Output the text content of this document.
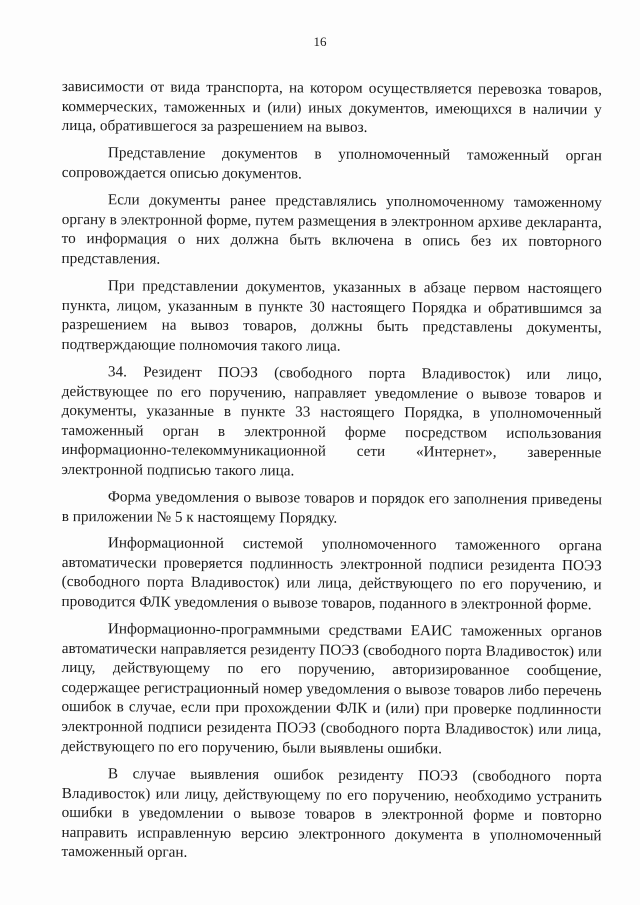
16

зависимости от вида транспорта, на котором осуществляется перевозка товаров, коммерческих, таможенных и (или) иных документов, имеющихся в наличии у лица, обратившегося за разрешением на вывоз.

Представление документов в уполномоченный таможенный орган сопровождается описью документов.

Если документы ранее представлялись уполномоченному таможенному органу в электронной форме, путем размещения в электронном архиве декларанта, то информация о них должна быть включена в опись без их повторного представления.

При представлении документов, указанных в абзаце первом настоящего пункта, лицом, указанным в пункте 30 настоящего Порядка и обратившимся за разрешением на вывоз товаров, должны быть представлены документы, подтверждающие полномочия такого лица.

34. Резидент ПОЭЗ (свободного порта Владивосток) или лицо, действующее по его поручению, направляет уведомление о вывозе товаров и документы, указанные в пункте 33 настоящего Порядка, в уполномоченный таможенный орган в электронной форме посредством использования информационно-телекоммуникационной сети «Интернет», заверенные электронной подписью такого лица.

Форма уведомления о вывозе товаров и порядок его заполнения приведены в приложении № 5 к настоящему Порядку.

Информационной системой уполномоченного таможенного органа автоматически проверяется подлинность электронной подписи резидента ПОЭЗ (свободного порта Владивосток) или лица, действующего по его поручению, и проводится ФЛК уведомления о вывозе товаров, поданного в электронной форме.

Информационно-программными средствами ЕАИС таможенных органов автоматически направляется резиденту ПОЭЗ (свободного порта Владивосток) или лицу, действующему по его поручению, авторизированное сообщение, содержащее регистрационный номер уведомления о вывозе товаров либо перечень ошибок в случае, если при прохождении ФЛК и (или) при проверке подлинности электронной подписи резидента ПОЭЗ (свободного порта Владивосток) или лица, действующего по его поручению, были выявлены ошибки.

В случае выявления ошибок резиденту ПОЭЗ (свободного порта Владивосток) или лицу, действующему по его поручению, необходимо устранить ошибки в уведомлении о вывозе товаров в электронной форме и повторно направить исправленную версию электронного документа в уполномоченный таможенный орган.
